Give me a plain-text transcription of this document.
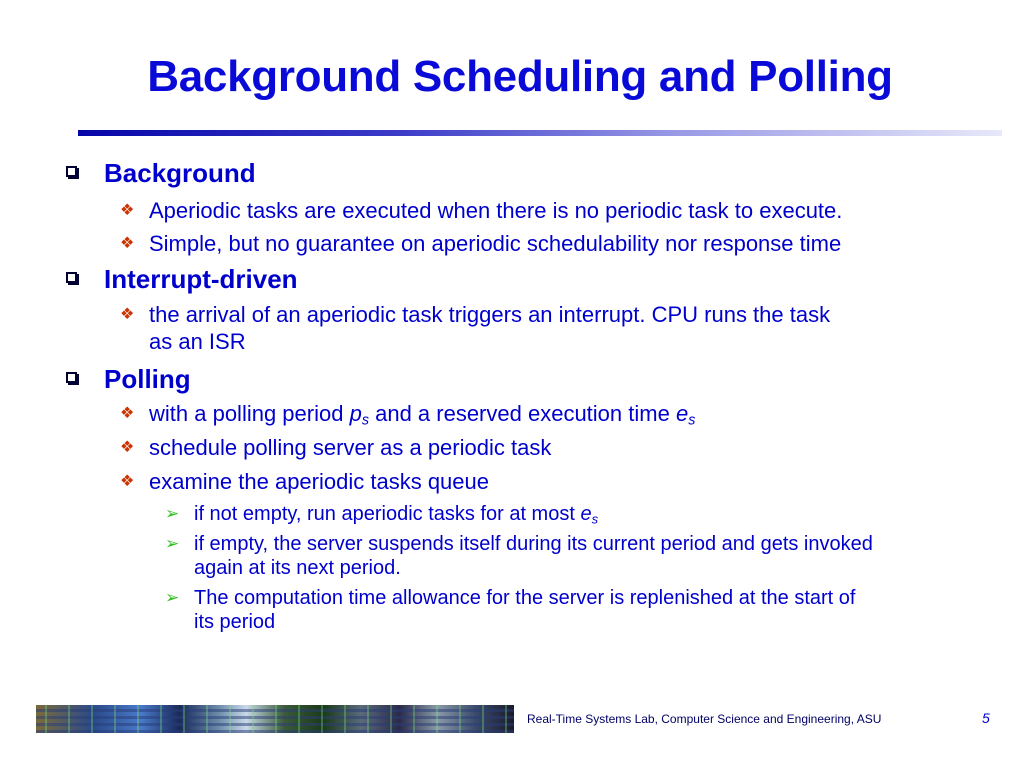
Background Scheduling and Polling
Background
❖ Aperiodic tasks are executed when there is no periodic task to execute.
❖ Simple, but no guarantee on aperiodic schedulability nor response time
Interrupt-driven
❖ the arrival of an aperiodic task triggers an interrupt. CPU runs the task
as an ISR
Polling
❖ with a polling period $p_s$ and a reserved execution time $e_s$
❖ schedule polling server as a periodic task
❖ examine the aperiodic tasks queue
➢ if not empty, run aperiodic tasks for at most $e_s$
➢ if empty, the server suspends itself during its current period and gets invoked
again at its next period.
➢ The computation time allowance for the server is replenished at the start of
its period
Real-Time Systems Lab, Computer Science and Engineering, ASU	5
